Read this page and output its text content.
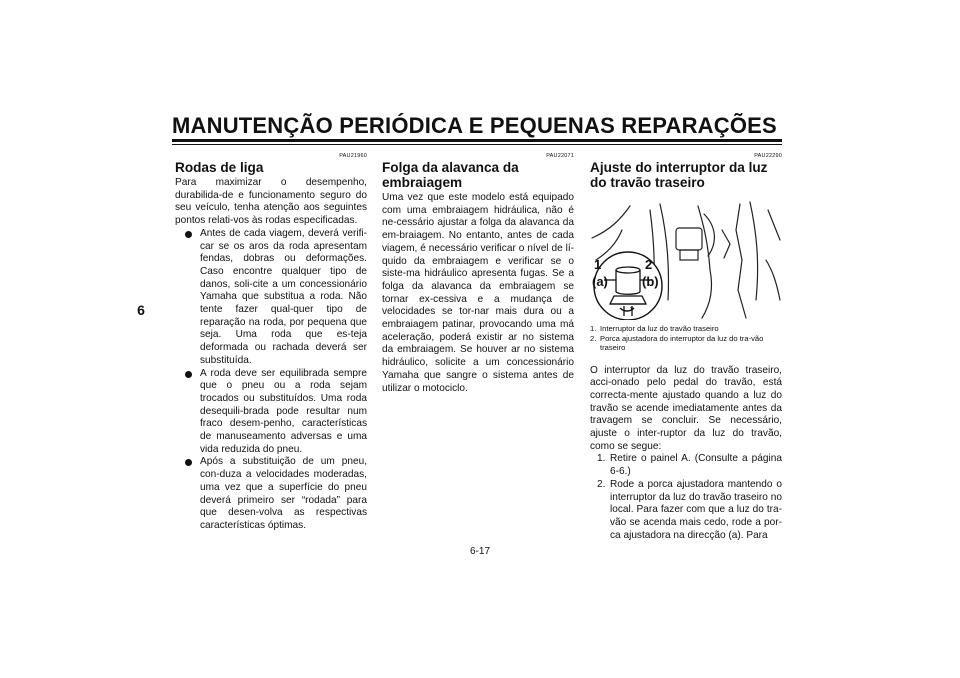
MANUTENÇÃO PERIÓDICA E PEQUENAS REPARAÇÕES
6
PAU21960
Rodas de liga

Para maximizar o desempenho, durabilida-de e funcionamento seguro do seu veículo, tenha atenção aos seguintes pontos relati-vos às rodas especificadas.

Antes de cada viagem, deverá verifi-car se os aros da roda apresentam fendas, dobras ou deformações. Caso encontre qualquer tipo de danos, soli-cite a um concessionário Yamaha que substitua a roda. Não tente fazer qual-quer tipo de reparação na roda, por pequena que seja. Uma roda que es-teja deformada ou rachada deverá ser substituída.
A roda deve ser equilibrada sempre que o pneu ou a roda sejam trocados ou substituídos. Uma roda desequili-brada pode resultar num fraco desem-penho, características de manuseamento adversas e uma vida reduzida do pneu.
Após a substituição de um pneu, con-duza a velocidades moderadas, uma vez que a superfície do pneu deverá primeiro ser “rodada” para que desen-volva as respectivas características óptimas.
PAU22071
Folga da alavanca da embraiagem

Uma vez que este modelo está equipado com uma embraiagem hidráulica, não é ne-cessário ajustar a folga da alavanca da em-braiagem. No entanto, antes de cada viagem, é necessário verificar o nível de lí-quido da embraiagem e verificar se o siste-ma hidráulico apresenta fugas. Se a folga da alavanca da embraiagem se tornar ex-cessiva e a mudança de velocidades se tor-nar mais dura ou a embraiagem patinar, provocando uma má aceleração, poderá existir ar no sistema da embraiagem. Se houver ar no sistema hidráulico, solicite a um concessionário Yamaha que sangre o sistema antes de utilizar o motociclo.

PAU22290
Ajuste do interruptor da luz do travão traseiro
1	2
(a)	(b)
1. Interruptor da luz do travão traseiro
2. Porca ajustadora do interruptor da luz do tra-vão traseiro

O interruptor da luz do travão traseiro, acci-onado pelo pedal do travão, está correcta-mente ajustado quando a luz do travão se acende imediatamente antes da travagem se concluir. Se necessário, ajuste o inter-ruptor da luz do travão, como se segue:

1. Retire o painel A. (Consulte a página 6-6.)
2. Rode a porca ajustadora mantendo o interruptor da luz do travão traseiro no local. Para fazer com que a luz do tra-vão se acenda mais cedo, rode a por-ca ajustadora na direcção (a). Para
6-17
